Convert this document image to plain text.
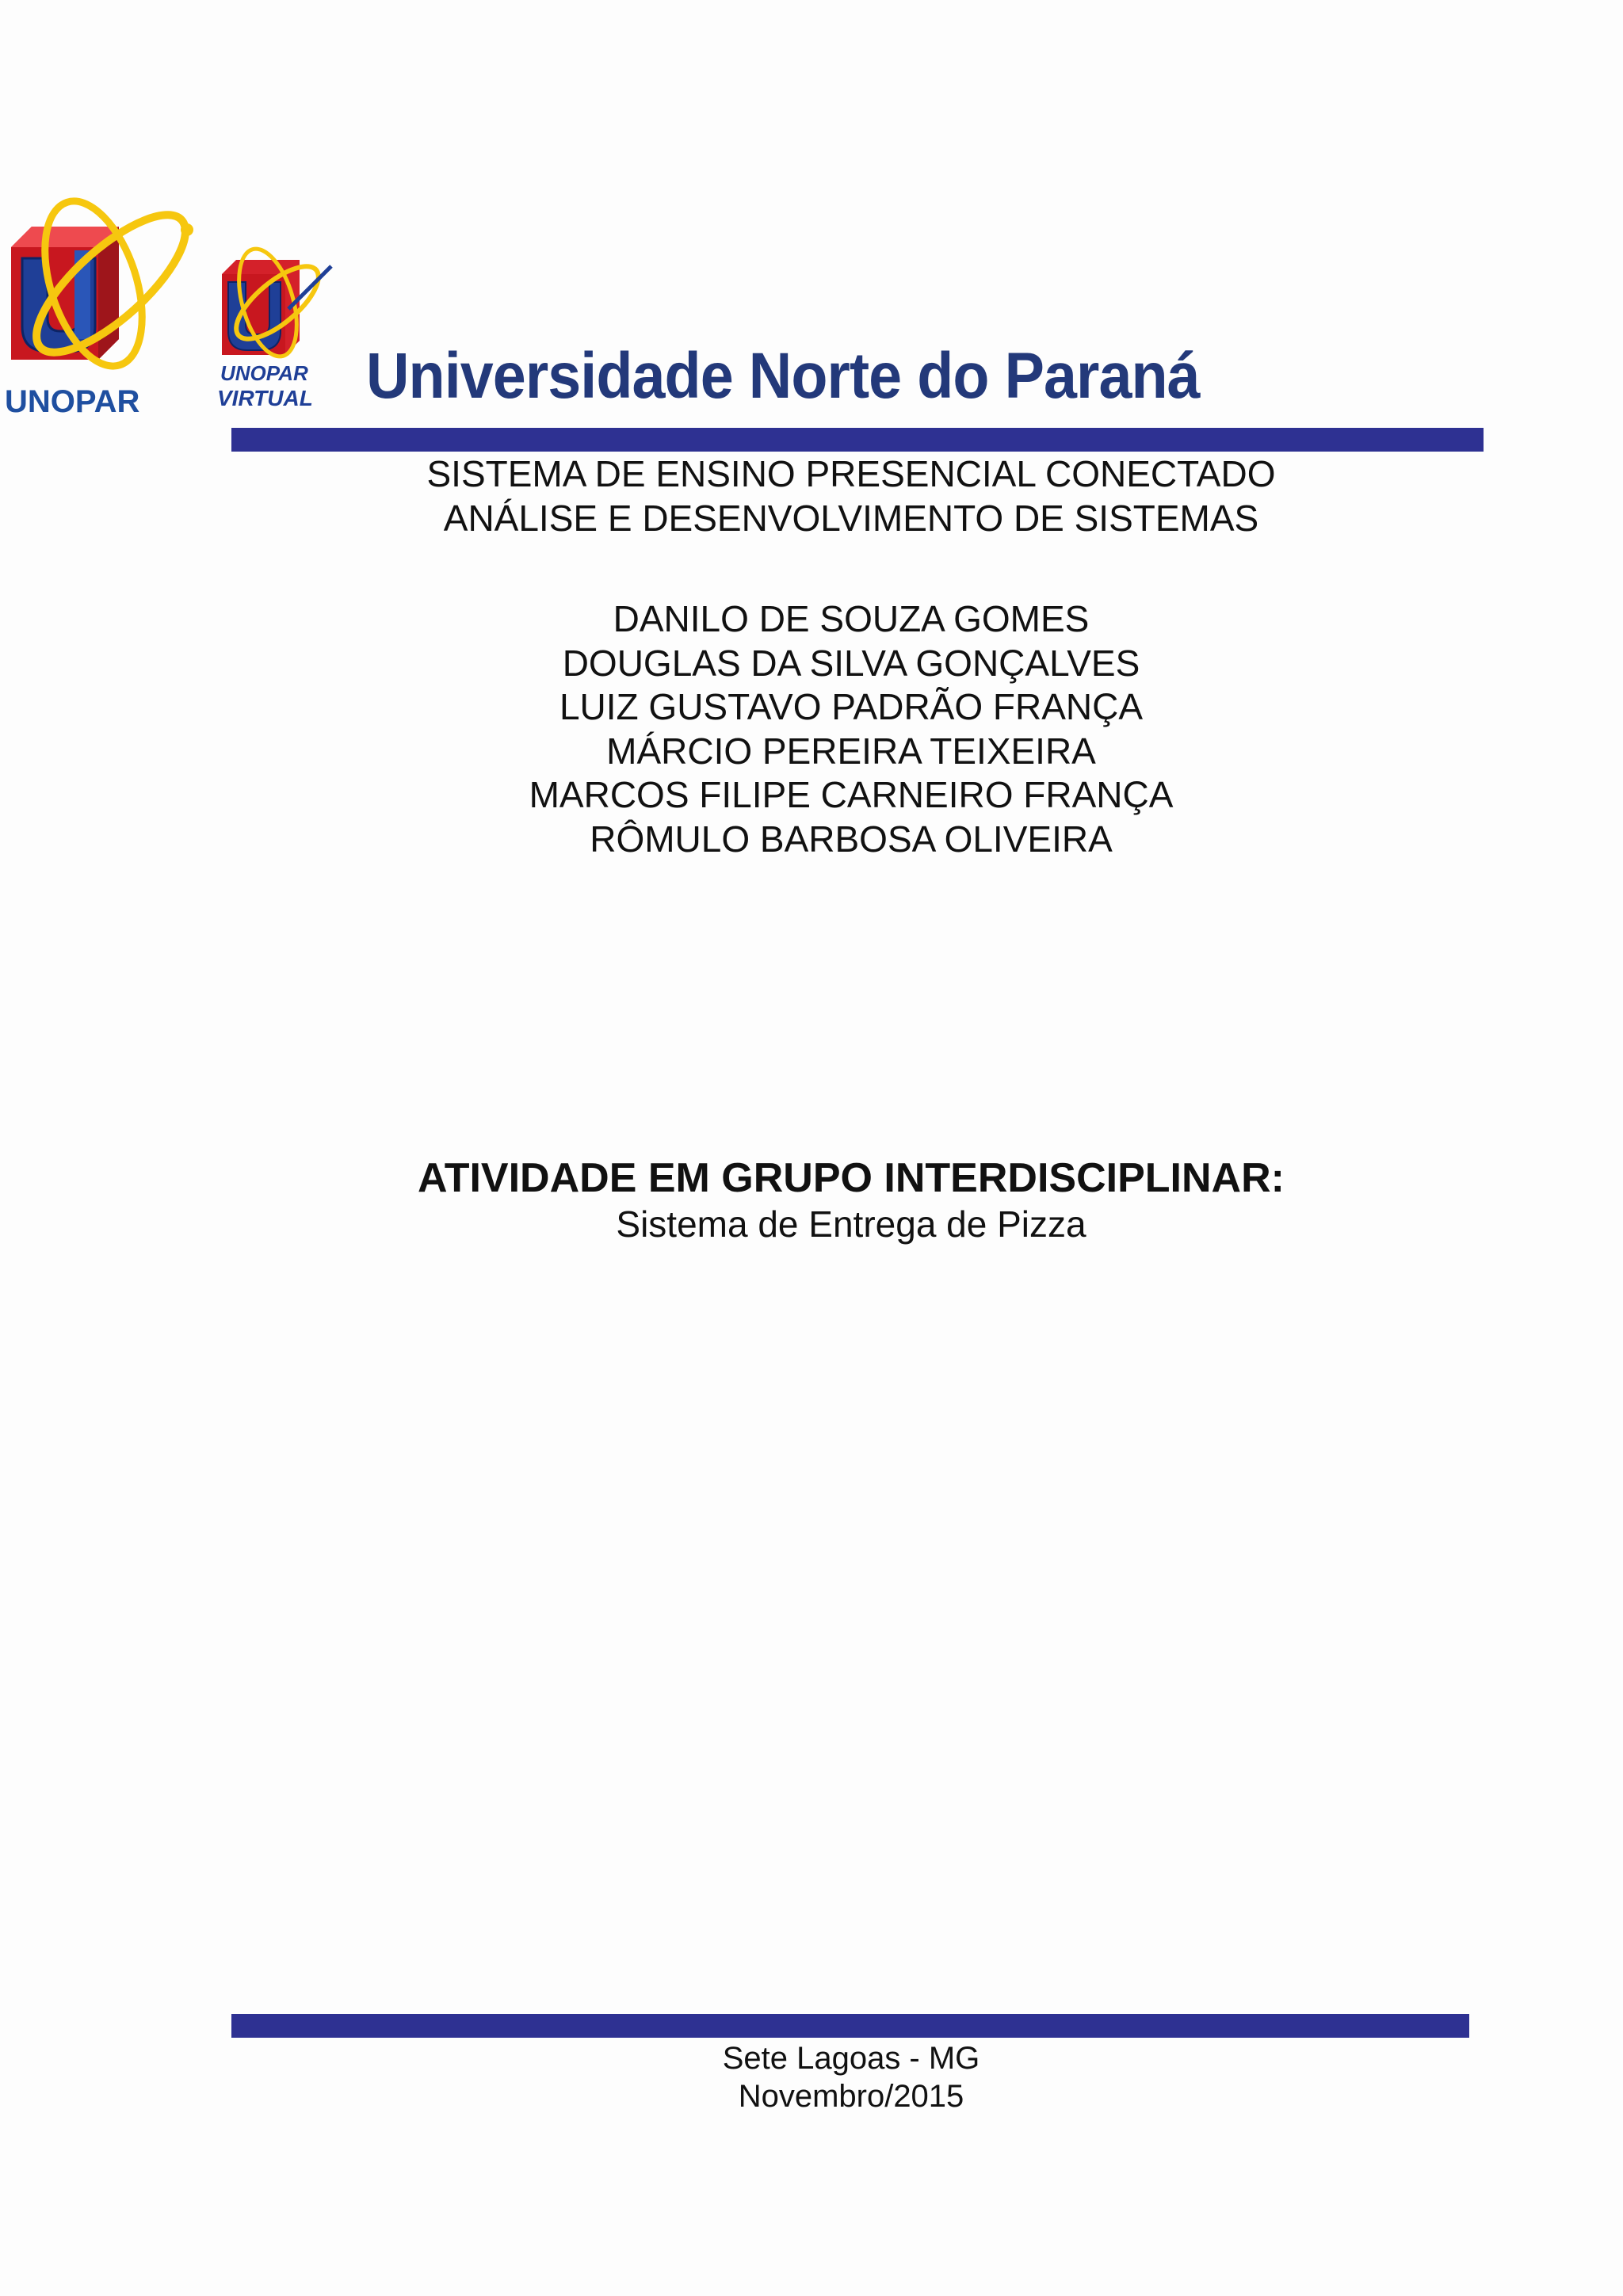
UNOPAR
UNOPAR
VIRTUAL Universidade Norte do Paraná
SISTEMA DE ENSINO PRESENCIAL CONECTADO
ANÁLISE E DESENVOLVIMENTO DE SISTEMAS
DANILO DE SOUZA GOMES
DOUGLAS DA SILVA GONÇALVES
LUIZ GUSTAVO PADRÃO FRANÇA
MÁRCIO PEREIRA TEIXEIRA
MARCOS FILIPE CARNEIRO FRANÇA
RÔMULO BARBOSA OLIVEIRA
ATIVIDADE EM GRUPO INTERDISCIPLINAR:
Sistema de Entrega de Pizza
Sete Lagoas - MG
Novembro/2015
